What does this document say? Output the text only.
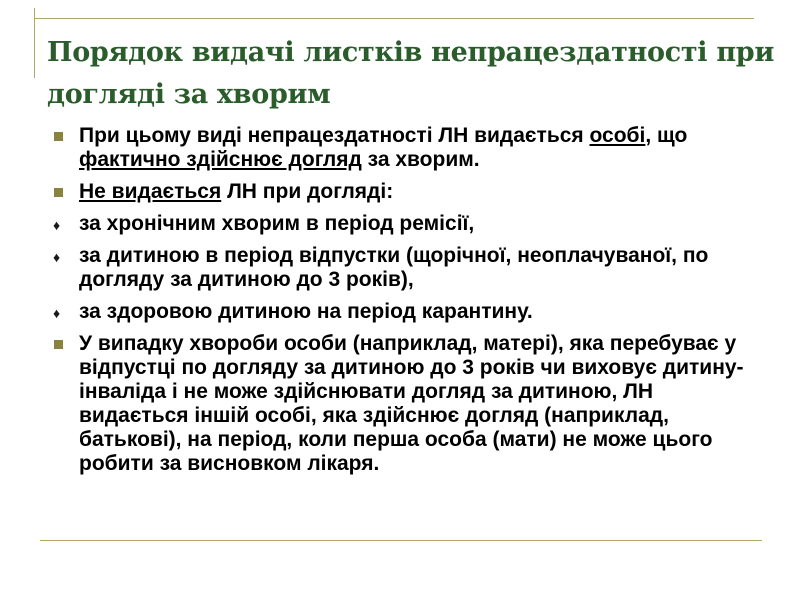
Порядок видачі листків непрацездатності при догляді за хворим
При цьому виді непрацездатності ЛН видається особі, що фактично здійснює догляд за хворим.
Не видається ЛН при догляді:
♦ за хронічним хворим в період ремісії,
♦ за дитиною в період відпустки (щорічної, неоплачуваної, по догляду за дитиною до 3 років),
♦ за здоровою дитиною на період карантину.
У випадку хвороби особи (наприклад, матері), яка перебуває у відпустці по догляду за дитиною до 3 років чи виховує дитину-інваліда і не може здійснювати догляд за дитиною, ЛН видається іншій особі, яка здійснює догляд (наприклад, батькові), на період, коли перша особа (мати) не може цього робити за висновком лікаря.
